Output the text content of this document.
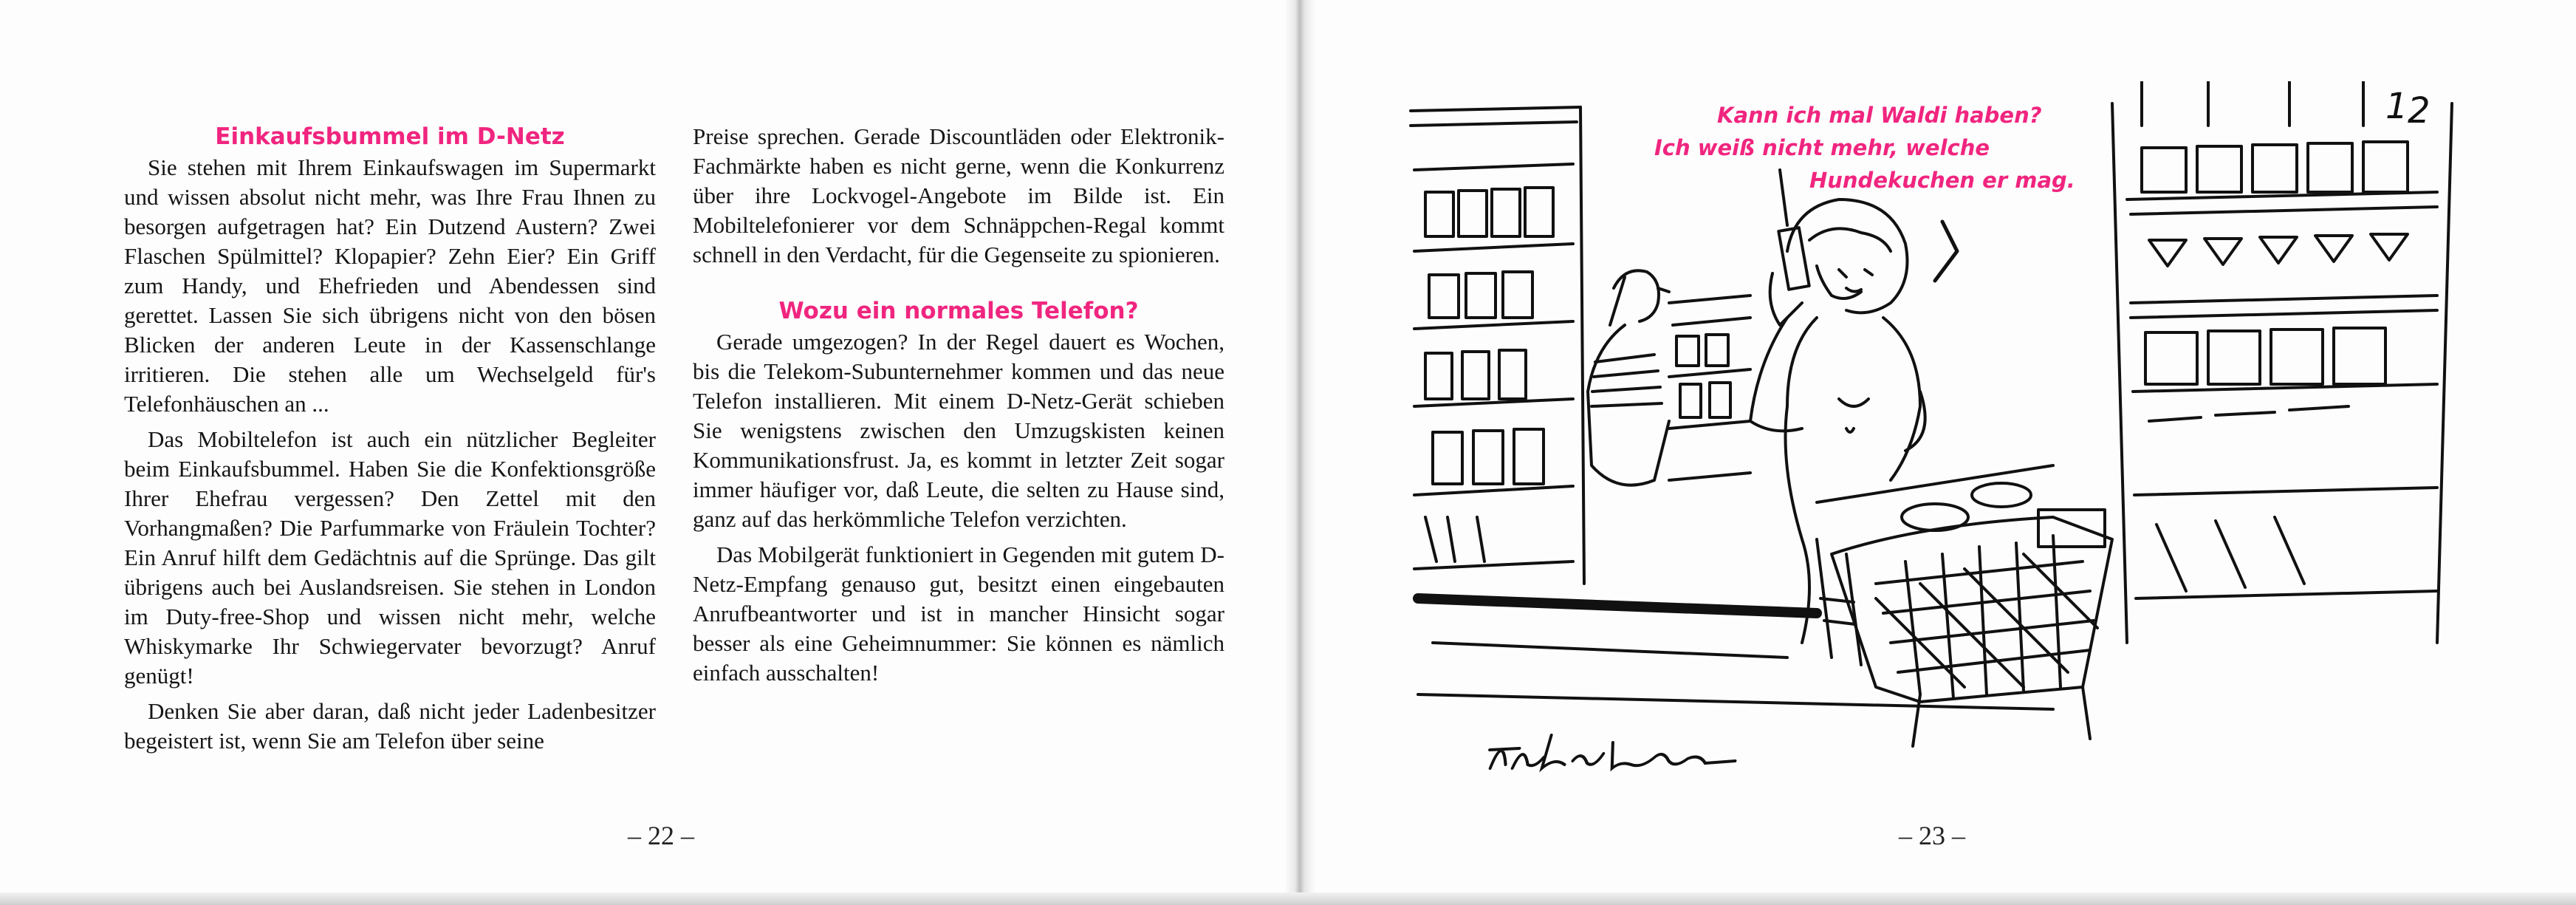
Einkaufsbummel im D-Netz

Sie stehen mit Ihrem Einkaufswagen im Supermarkt und wissen absolut nicht mehr, was Ihre Frau Ihnen zu besorgen aufgetragen hat? Ein Dutzend Austern? Zwei Flaschen Spülmittel? Klopapier? Zehn Eier? Ein Griff zum Handy, und Ehefrieden und Abendessen sind gerettet. Lassen Sie sich übrigens nicht von den bösen Blicken der anderen Leute in der Kassenschlange irritieren. Die stehen alle um Wechselgeld für's Telefonhäuschen an ...

Das Mobiltelefon ist auch ein nützlicher Begleiter beim Einkaufsbummel. Haben Sie die Konfektionsgröße Ihrer Ehefrau vergessen? Den Zettel mit den Vorhangmaßen? Die Parfummarke von Fräulein Tochter? Ein Anruf hilft dem Gedächtnis auf die Sprünge. Das gilt übrigens auch bei Auslandsreisen. Sie stehen in London im Duty-free-Shop und wissen nicht mehr, welche Whiskymarke Ihr Schwiegervater bevorzugt? Anruf genügt!

Denken Sie aber daran, daß nicht jeder Ladenbesitzer begeistert ist, wenn Sie am Telefon über seine

Preise sprechen. Gerade Discountläden oder Elektronik-Fachmärkte haben es nicht gerne, wenn die Konkurrenz über ihre Lockvogel-Angebote im Bilde ist. Ein Mobiltelefonierer vor dem Schnäppchen-Regal kommt schnell in den Verdacht, für die Gegenseite zu spionieren.

Wozu ein normales Telefon?

Gerade umgezogen? In der Regel dauert es Wochen, bis die Telekom-Subunternehmer kommen und das neue Telefon installieren. Mit einem D-Netz-Gerät schieben Sie wenigstens zwischen den Umzugskisten keinen Kommunikationsfrust. Ja, es kommt in letzter Zeit sogar immer häufiger vor, daß Leute, die selten zu Hause sind, ganz auf das herkömmliche Telefon verzichten.

Das Mobilgerät funktioniert in Gegenden mit gutem D-Netz-Empfang genauso gut, besitzt einen eingebauten Anrufbeantworter und ist in mancher Hinsicht sogar besser als eine Geheimnummer: Sie können es nämlich einfach ausschalten!

– 22 –
1 2
Kann ich mal Waldi haben?
Ich weiß nicht mehr, welche
Hundekuchen er mag.
– 23 –
